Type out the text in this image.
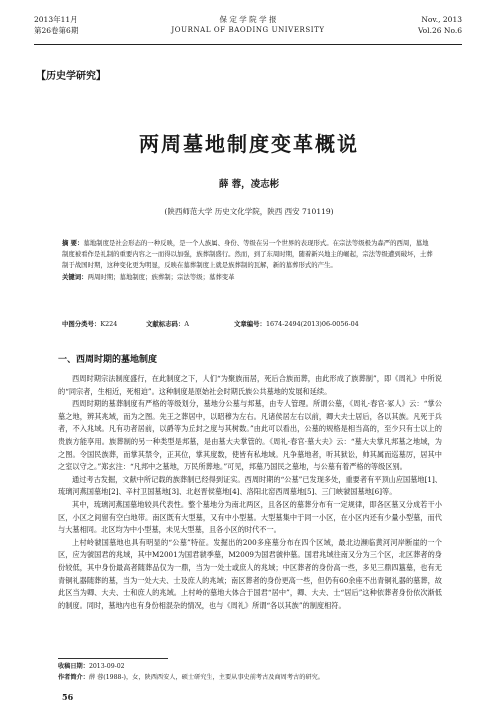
2013年11月
第26卷第6期
保 定 学 院 学 报
JOURNAL OF BAODING UNIVERSITY
Nov., 2013
Vol.26 No.6
【历史学研究】
两周墓地制度变革概说
薛 蓉，凌志彬
(陕西师范大学 历史文化学院，陕西 西安 710119)
摘 要：墓地制度是社会形态的一种反映，是一个人族属、身份、等级在另一个世界的表现形式。在宗法等级极为森严的西周，墓地制度被看作是礼制的重要内容之一而得以加强，族葬制盛行。然而，到了东周时期，随着新兴地主的崛起，宗法等级遭到破坏，土葬制于战国时期，这种变化更为明显，反映在墓葬制度上就是族葬制的瓦解，新的墓葬形式的产生。
关键词：两周时期；墓地制度；族葬制；宗法等级；墓葬变革
中图分类号：K224	文献标志码：A	文章编号：1674-2494(2013)06-0056-04
一、西周时期的墓地制度

西周时期宗法制度盛行，在此制度之下，人们“为聚族而居，死后合族而葬，由此形成了族葬制”，即《周礼》中所说的“同宗者，生相近，死相迫”。这种制度是原始社会时期氏族公共墓地的发展和延续。

西周时期的墓葬制度有严格的等级划分，墓地分公墓与邦墓，由专人管理。所谓公墓，《周礼·春官·冢人》云：“掌公墓之地，辨其兆域，而为之图。先王之葬居中，以昭穆为左右。凡诸侯居左右以前，卿大夫士居后，各以其族。凡死于兵者，不入兆域。凡有功者居前，以爵等为丘封之度与其树数。”由此可以看出，公墓的规格是相当高的，至少只有士以上的贵族方能享用。族葬制的另一种类型是邦墓，是由墓大夫掌管的。《周礼·春官·墓大夫》云：“墓大夫掌凡邦墓之地域，为之图。令国民族葬，而掌其禁令，正其位，掌其度数，使皆有私地域。凡争墓地者，听其狱讼，帅其属而巡墓厉，居其中之室以守之。”郑玄注：“凡邦中之墓地，万民所葬地。”可见，邦墓乃国民之墓地，与公墓有着严格的等级区别。

通过考古发掘，文献中所记载的族葬制已经得到证实。西周时期的“公墓”已发现多处，重要者有平顶山应国墓地[1]、琉璃河燕国墓地[2]、辛村卫国墓地[3]、北赵晋侯墓地[4]、洛阳北窑西周墓地[5]、三门峡虢国墓地[6]等。

其中，琉璃河燕国墓地较具代表性。整个墓地分为南北两区，且各区的墓葬分布有一定规律，即各区墓又分成若干小区，小区之间留有空白地带。南区既有大型墓，又有中小型墓。大型墓集中于同一小区，在小区内还有少量小型墓，而代与大墓相同。北区均为中小型墓，未见大型墓，且各小区的时代不一。

上村岭虢国墓地也具有明显的“公墓”特征。发掘出的200多座墓分布在四个区域，最北边濒临黄河河岸断崖的一个区，应为虢国君的兆域，其中M2001为国君虢季墓，M2009为国君虢仲墓。国君兆域往南又分为三个区，北区葬者的身份较低，其中身份最高者随葬品仅为一鼎，当为一处士或庶人的兆域；中区葬者的身份高一些，多见三鼎四簋墓，也有无青铜礼器随葬的墓，当为一处大夫、士及庶人的兆域；南区葬者的身份更高一些，但仍有60余座不出青铜礼器的墓葬，故此区当为卿、大夫、士和庶人的兆域。上村岭的墓地大体合于国君“居中”，卿、大夫、士“居后”这种依葬者身份依次渐低的制度。同时，墓地内也有身份相混杂的情况，也与《周礼》所谓“各以其族”的制度相符。

收稿日期：2013-09-02
作者简介：薛 蓉(1988-)，女，陕西西安人，硕士研究生，主要从事史前考古及商周考古的研究。
56
